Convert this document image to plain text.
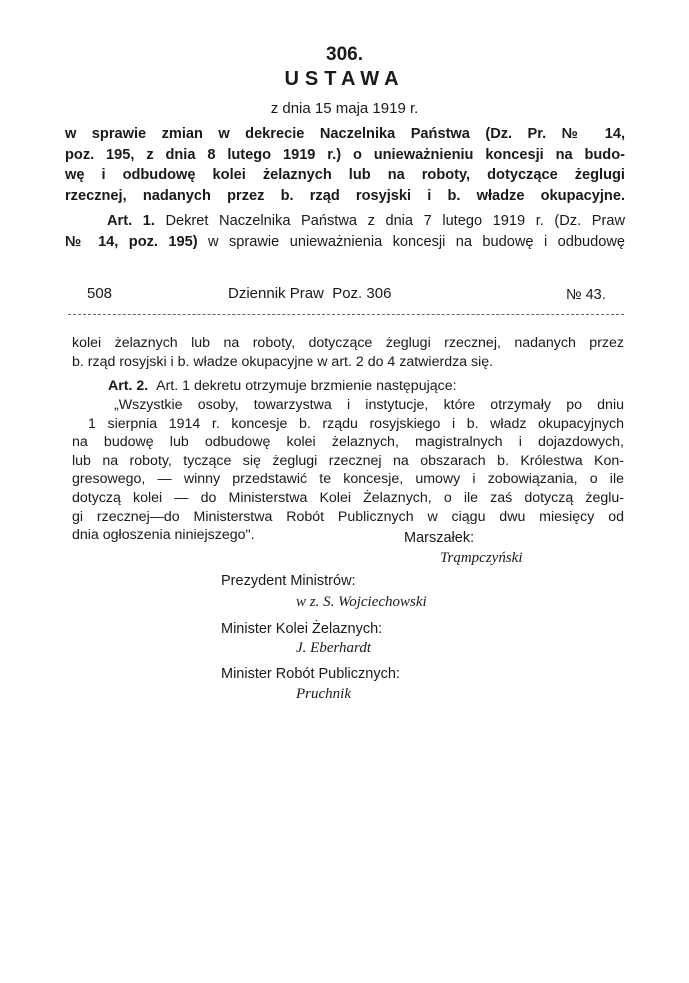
306.
USTAWA
z dnia 15 maja 1919 r.
w sprawie zmian w dekrecie Naczelnika Państwa (Dz. Pr. № 14,
poz. 195, z dnia 8 lutego 1919 r.) o unieważnieniu koncesji na budo-
wę i odbudowę kolei żelaznych lub na roboty, dotyczące żeglugi
rzecznej, nadanych przez b. rząd rosyjski i b. władze okupacyjne.
Art. 1. Dekret Naczelnika Państwa z dnia 7 lutego 1919 r. (Dz. Praw
№ 14, poz. 195) w sprawie unieważnienia koncesji na budowę i odbudowę
508	Dziennik Praw  Poz. 306	№ 43.
kolei żelaznych lub na roboty, dotyczące żeglugi rzecznej, nadanych przez
b. rząd rosyjski i b. władze okupacyjne w art. 2 do 4 zatwierdza się.
Art. 2. Art. 1 dekretu otrzymuje brzmienie następujące:
„Wszystkie osoby, towarzystwa i instytucje, które otrzymały po dniu
1 sierpnia 1914 r. koncesje b. rządu rosyjskiego i b. władz okupacyjnych
na budowę lub odbudowę kolei żelaznych, magistralnych i dojazdowych,
lub na roboty, tyczące się żeglugi rzecznej na obszarach b. Królestwa Kon-
gresowego, — winny przedstawić te koncesje, umowy i zobowiązania, o ile
dotyczą kolei — do Ministerstwa Kolei Żelaznych, o ile zaś dotyczą żeglu-
gi rzecznej—do Ministerstwa Robót Publicznych w ciągu dwu miesięcy od
dnia ogłoszenia niniejszego".	Marszałek:
Trąmpczyński
Prezydent Ministrów:
w z. S. Wojciechowski
Minister Kolei Żelaznych:
J. Eberhardt
Minister Robót Publicznych:
Pruchnik
